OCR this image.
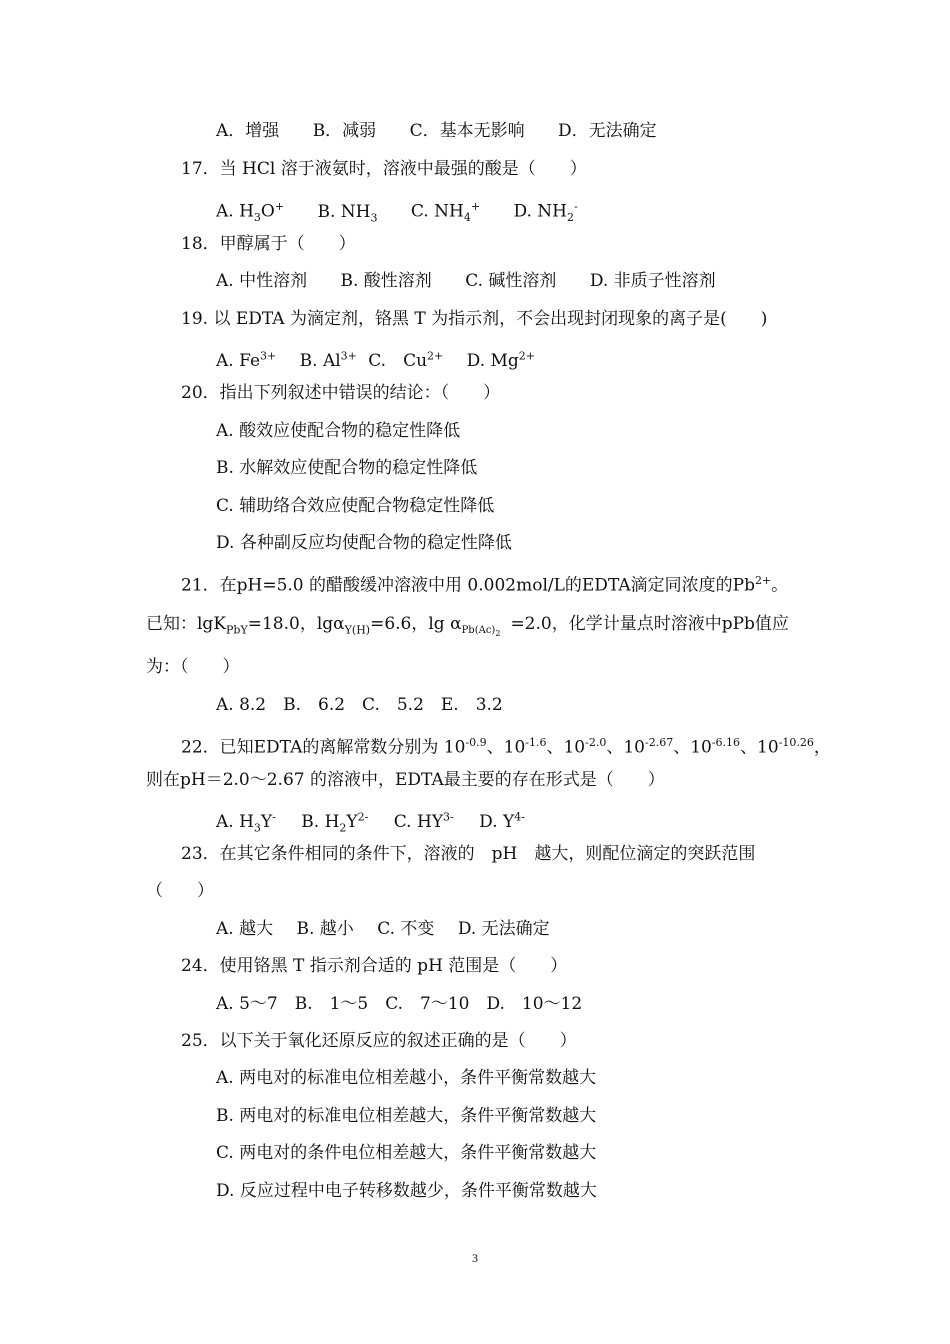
A．增强 B．减弱 C．基本无影响 D．无法确定
17．当 HCl 溶于液氨时，溶液中最强的酸是（　　）
A. $H_3O^+$ B. $NH_3$ C. $NH_4^+$ D. $NH_2^-$
18．甲醇属于（　　）
A. 中性溶剂 B. 酸性溶剂 C. 碱性溶剂 D. 非质子性溶剂
19. 以 EDTA 为滴定剂，铬黑 T 为指示剂，不会出现封闭现象的离子是(　　)
A. $Fe^{3+}$ B. $Al^{3+}$ C.　$Cu^{2+}$ D. $Mg^{2+}$
20．指出下列叙述中错误的结论：（　　）
A. 酸效应使配合物的稳定性降低
B. 水解效应使配合物的稳定性降低
C. 辅助络合效应使配合物稳定性降低
D. 各种副反应均使配合物的稳定性降低
21．在pH=5.0 的醋酸缓冲溶液中用 0.002mol/L的EDTA滴定同浓度的$Pb^{2+}$。
已知：lgK$_{PbY}$=18.0，lgα$_{Y(H)}$=6.6，$\lg \alpha_{Pb(Ac)_2} =2.0$，化学计量点时溶液中pPb值应
为：（　　）
A. 8.2　B.　6.2　C.　5.2　E.　3.2
22．已知EDTA的离解常数分别为 $10^{-0.9}$、$10^{-1.6}$、$10^{-2.0}$、$10^{-2.67}$、$10^{-6.16}$、$10^{-10.26}$，
则在pH＝2.0～2.67 的溶液中，EDTA最主要的存在形式是（　　）
A. $H_3Y^-$ B. $H_2Y^{2-}$ C. $HY^{3-}$ D. $Y^{4-}$
23．在其它条件相同的条件下，溶液的　pH　越大，则配位滴定的突跃范围
（　　）
A. 越大 B. 越小 C. 不变 D. 无法确定
24．使用铬黑 T 指示剂合适的 pH 范围是（　　）
A. 5～7　B.　1～5　C.　7～10　D.　10～12
25．以下关于氧化还原反应的叙述正确的是（　　）
A. 两电对的标准电位相差越小，条件平衡常数越大
B. 两电对的标准电位相差越大，条件平衡常数越大
C. 两电对的条件电位相差越大，条件平衡常数越大
D. 反应过程中电子转移数越少，条件平衡常数越大
3
